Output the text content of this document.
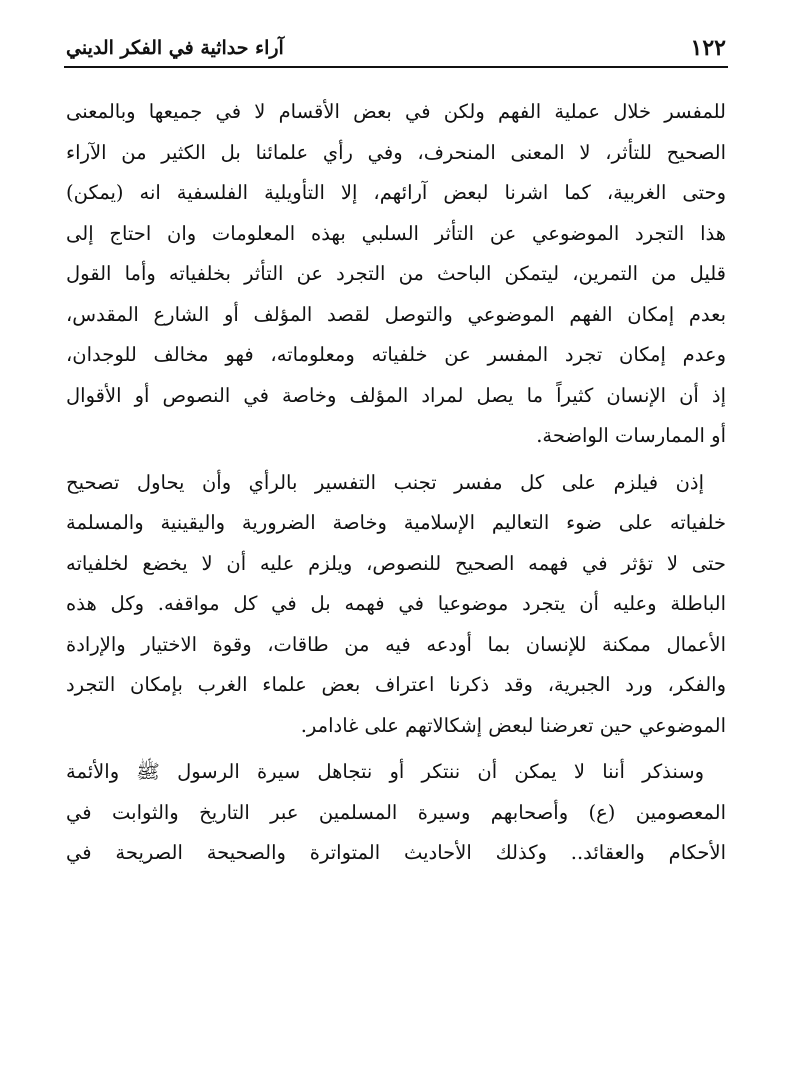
١٢٢
آراء حداثية في الفكر الديني
للمفسر خلال عملية الفهم ولكن في بعض الأقسام لا في جميعها وبالمعنى
الصحيح للتأثر، لا المعنى المنحرف، وفي رأي علمائنا بل الكثير من الآراء
وحتى الغربية، كما اشرنا لبعض آرائهم، إلا التأويلية الفلسفية انه (يمكن)
هذا التجرد الموضوعي عن التأثر السلبي بهذه المعلومات وان احتاج إلى
قليل من التمرين، ليتمكن الباحث من التجرد عن التأثر بخلفياته وأما القول
بعدم إمكان الفهم الموضوعي والتوصل لقصد المؤلف أو الشارع المقدس،
وعدم إمكان تجرد المفسر عن خلفياته ومعلوماته، فهو مخالف للوجدان،
إذ أن الإنسان كثيراً ما يصل لمراد المؤلف وخاصة في النصوص أو الأقوال
أو الممارسات الواضحة.
إذن فيلزم على كل مفسر تجنب التفسير بالرأي وأن يحاول تصحيح
خلفياته على ضوء التعاليم الإسلامية وخاصة الضرورية واليقينية والمسلمة
حتى لا تؤثر في فهمه الصحيح للنصوص، ويلزم عليه أن لا يخضع لخلفياته
الباطلة وعليه أن يتجرد موضوعيا في فهمه بل في كل مواقفه. وكل هذه
الأعمال ممكنة للإنسان بما أودعه فيه من طاقات، وقوة الاختيار والإرادة
والفكر، ورد الجبرية، وقد ذكرنا اعتراف بعض علماء الغرب بإمكان التجرد
الموضوعي حين تعرضنا لبعض إشكالاتهم على غادامر.
وسنذكر أننا لا يمكن أن ننتكر أو نتجاهل سيرة الرسول ﷺ والأئمة
المعصومين (ع) وأصحابهم وسيرة المسلمين عبر التاريخ والثوابت في
الأحكام والعقائد.. وكذلك الأحاديث المتواترة والصحيحة الصريحة في
